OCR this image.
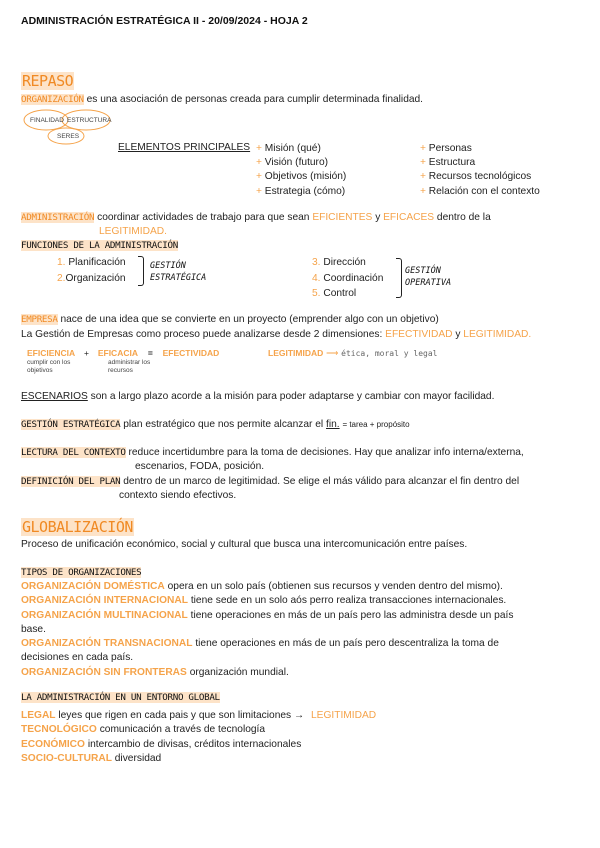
ADMINISTRACIÓN ESTRATÉGICA II - 20/09/2024 - HOJA 2
REPASO
ORGANIZACIÓN es una asociación de personas creada para cumplir determinada finalidad.
FINALIDAD ESTRUCTURA
SERES
ELEMENTOS PRINCIPALES + Misión (qué)
+ Visión (futuro)
+ Objetivos (misión)
+ Estrategia (cómo)
+ Personas
+ Estructura
+ Recursos tecnológicos
+ Relación con el contexto
ADMINISTRACIÓN coordinar actividades de trabajo para que sean EFICIENTES y EFICACES dentro de la
LEGITIMIDAD.
FUNCIONES DE LA ADMINISTRACIÓN
1. Planificación
2.Organización
GESTIÓN
ESTRATÉGICA
3. Dirección
4. Coordinación
5. Control
GESTIÓN
OPERATIVA
EMPRESA nace de una idea que se convierte en un proyecto (emprender algo con un objetivo)
La Gestión de Empresas como proceso puede analizarse desde 2 dimensiones: EFECTIVIDAD y LEGITIMIDAD.
EFICIENCIA + EFICACIA = EFECTIVIDAD	LEGITIMIDAD ⟶ ética, moral y legal
cumplir con los
objetivos
administrar los
recursos
ESCENARIOS son a largo plazo acorde a la misión para poder adaptarse y cambiar con mayor facilidad.
GESTIÓN ESTRATÉGICA plan estratégico que nos permite alcanzar el fin. = tarea + propósito
LECTURA DEL CONTEXTO reduce incertidumbre para la toma de decisiones. Hay que analizar info interna/externa,
escenarios, FODA, posición.
DEFINICIÓN DEL PLAN dentro de un marco de legitimidad. Se elige el más válido para alcanzar el fin dentro del
contexto siendo efectivos.
GLOBALIZACIÓN
Proceso de unificación económico, social y cultural que busca una intercomunicación entre países.
TIPOS DE ORGANIZACIONES
ORGANIZACIÓN DOMÉSTICA opera en un solo país (obtienen sus recursos y venden dentro del mismo).
ORGANIZACIÓN INTERNACIONAL tiene sede en un solo aós perro realiza transacciones internacionales.
ORGANIZACIÓN MULTINACIONAL tiene operaciones en más de un país pero las administra desde un país
base.
ORGANIZACIÓN TRANSNACIONAL tiene operaciones en más de un país pero descentraliza la toma de
decisiones en cada país.
ORGANIZACIÓN SIN FRONTERAS organización mundial.
LA ADMINISTRACIÓN EN UN ENTORNO GLOBAL
LEGAL leyes que rigen en cada pais y que son limitaciones → LEGITIMIDAD
TECNOLÓGICO comunicación a través de tecnología
ECONÓMICO intercambio de divisas, créditos internacionales
SOCIO-CULTURAL diversidad
